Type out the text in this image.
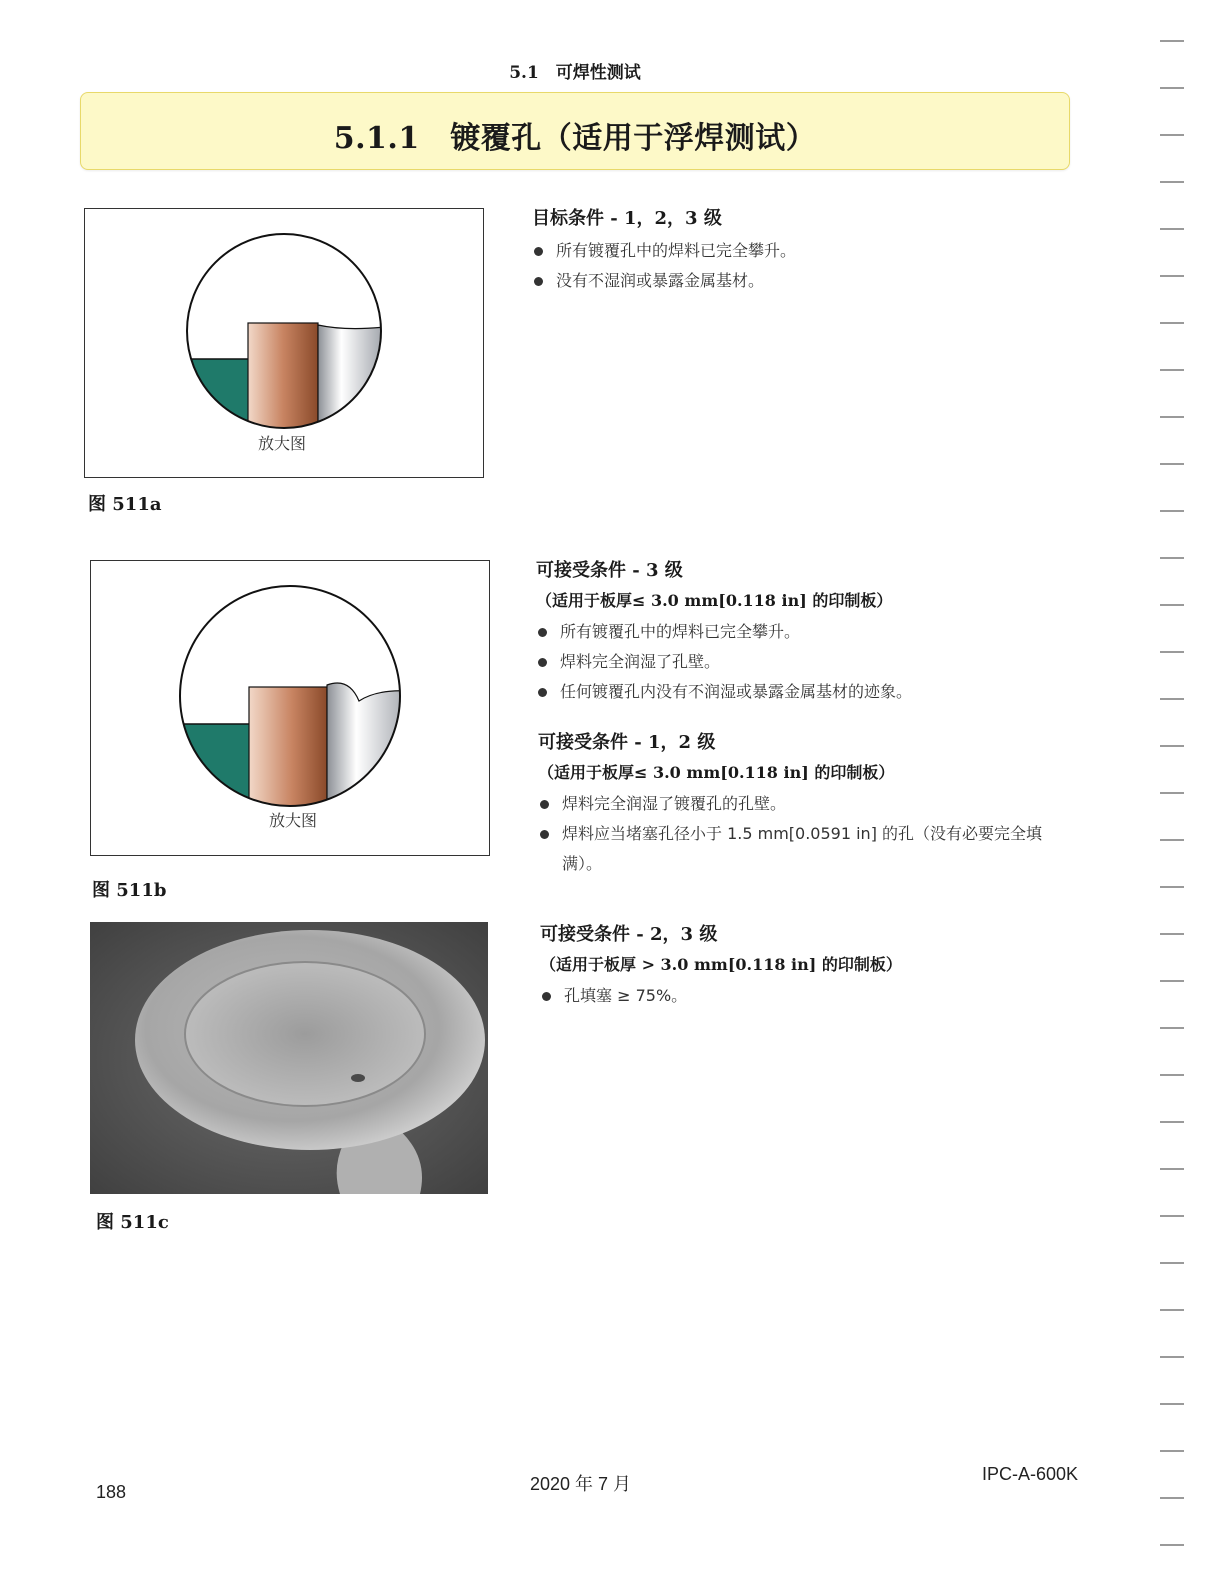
5.1　可焊性测试
5.1.1　镀覆孔（适用于浮焊测试）
放大图
图 511a
放大图
图 511b
图 511c
目标条件 - 1，2，3 级
所有镀覆孔中的焊料已完全攀升。
没有不湿润或暴露金属基材。
可接受条件 - 3 级
（适用于板厚≤ 3.0 mm[0.118 in] 的印制板）
所有镀覆孔中的焊料已完全攀升。
焊料完全润湿了孔壁。
任何镀覆孔内没有不润湿或暴露金属基材的迹象。
可接受条件 - 1，2 级
（适用于板厚≤ 3.0 mm[0.118 in] 的印制板）
焊料完全润湿了镀覆孔的孔壁。
焊料应当堵塞孔径小于 1.5 mm[0.0591 in] 的孔（没有必要完全填满）。
可接受条件 - 2，3 级
（适用于板厚 > 3.0 mm[0.118 in] 的印制板）
孔填塞 ≥ 75%。
188	2020 年 7 月	IPC-A-600K
